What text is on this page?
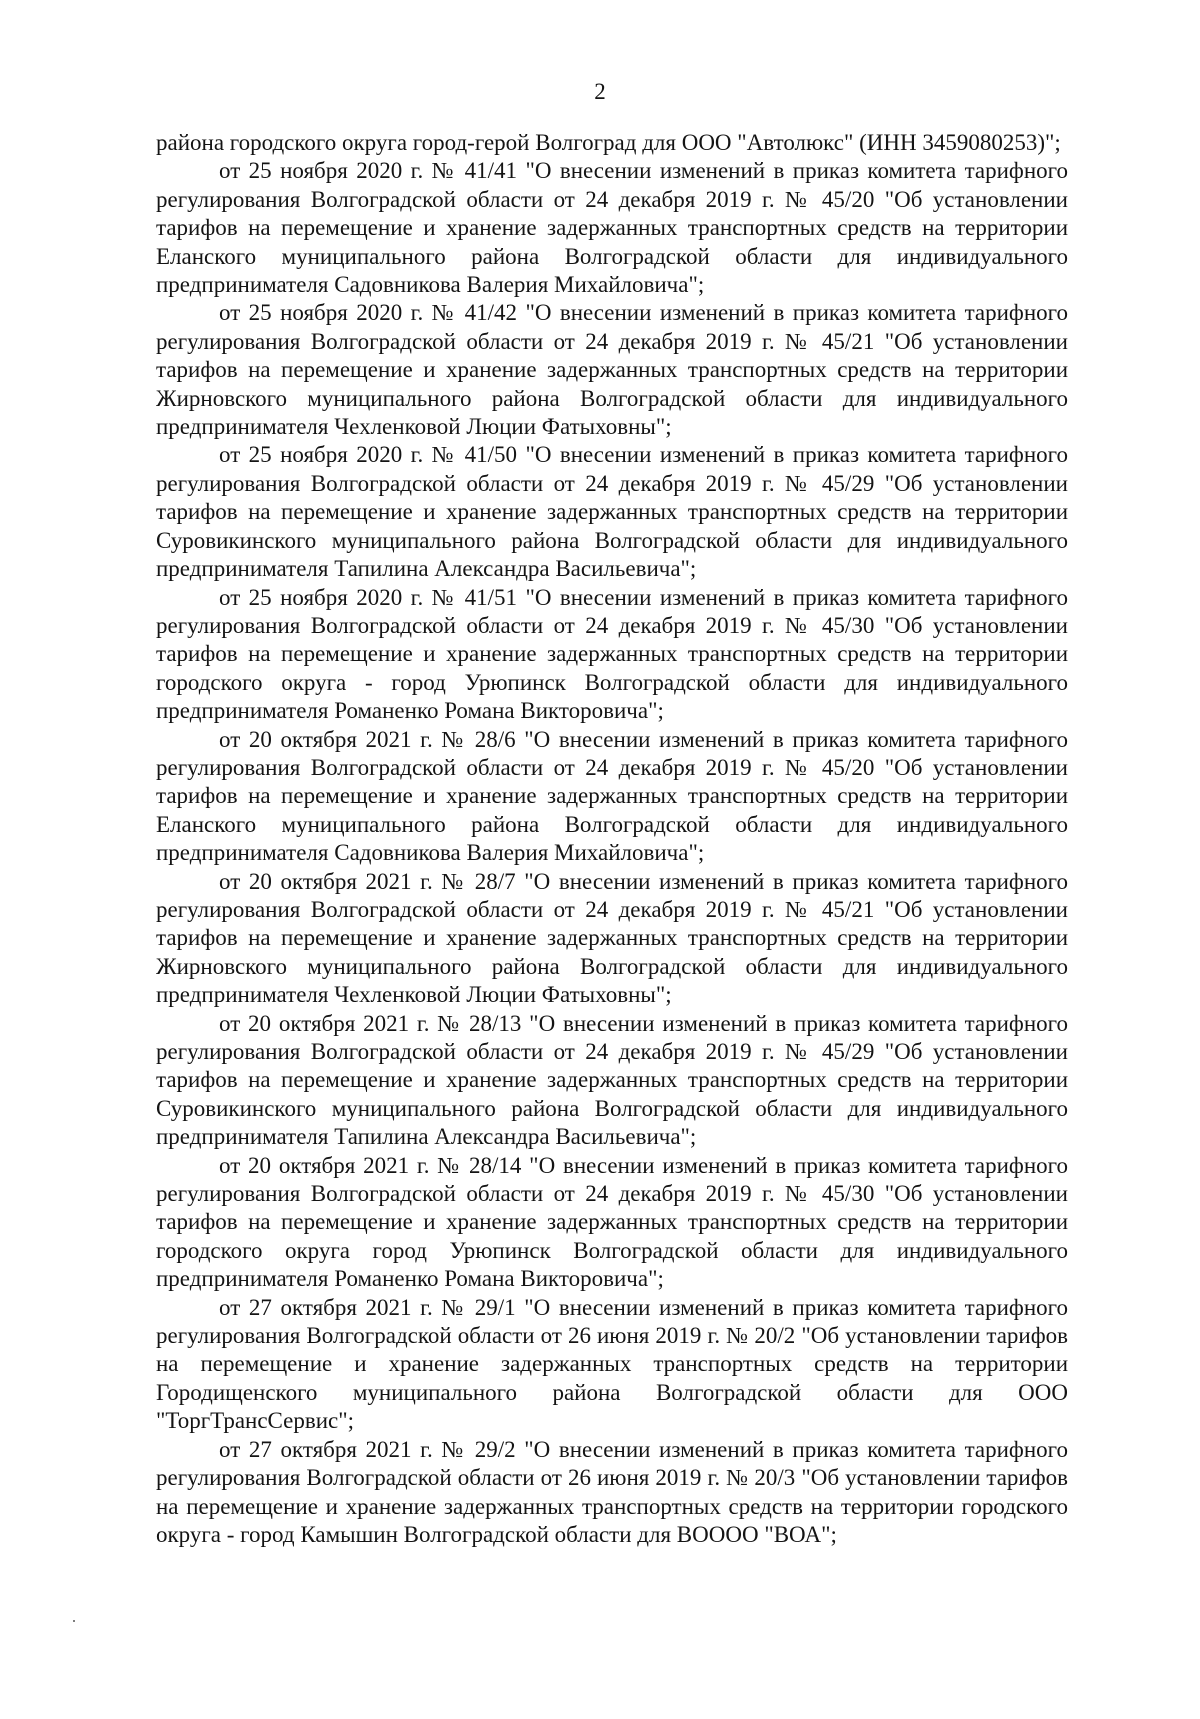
2

района городского округа город-герой Волгоград для ООО "Автолюкс" (ИНН 3459080253)";

от 25 ноября 2020 г. № 41/41 "О внесении изменений в приказ комитета тарифного регулирования Волгоградской области от 24 декабря 2019 г. № 45/20 "Об установлении тарифов на перемещение и хранение задержанных транспортных средств на территории Еланского муниципального района Волгоградской области для индивидуального предпринимателя Садовникова Валерия Михайловича";

от 25 ноября 2020 г. № 41/42 "О внесении изменений в приказ комитета тарифного регулирования Волгоградской области от 24 декабря 2019 г. № 45/21 "Об установлении тарифов на перемещение и хранение задержанных транспортных средств на территории Жирновского муниципального района Волгоградской области для индивидуального предпринимателя Чехленковой Люции Фатыховны";

от 25 ноября 2020 г. № 41/50 "О внесении изменений в приказ комитета тарифного регулирования Волгоградской области от 24 декабря 2019 г. № 45/29 "Об установлении тарифов на перемещение и хранение задержанных транспортных средств на территории Суровикинского муниципального района Волгоградской области для индивидуального предпринимателя Тапилина Александра Васильевича";

от 25 ноября 2020 г. № 41/51 "О внесении изменений в приказ комитета тарифного регулирования Волгоградской области от 24 декабря 2019 г. № 45/30 "Об установлении тарифов на перемещение и хранение задержанных транспортных средств на территории городского округа - город Урюпинск Волгоградской области для индивидуального предпринимателя Романенко Романа Викторовича";

от 20 октября 2021 г. № 28/6 "О внесении изменений в приказ комитета тарифного регулирования Волгоградской области от 24 декабря 2019 г. № 45/20 "Об установлении тарифов на перемещение и хранение задержанных транспортных средств на территории Еланского муниципального района Волгоградской области для индивидуального предпринимателя Садовникова Валерия Михайловича";

от 20 октября 2021 г. № 28/7 "О внесении изменений в приказ комитета тарифного регулирования Волгоградской области от 24 декабря 2019 г. № 45/21 "Об установлении тарифов на перемещение и хранение задержанных транспортных средств на территории Жирновского муниципального района Волгоградской области для индивидуального предпринимателя Чехленковой Люции Фатыховны";

от 20 октября 2021 г. № 28/13 "О внесении изменений в приказ комитета тарифного регулирования Волгоградской области от 24 декабря 2019 г. № 45/29 "Об установлении тарифов на перемещение и хранение задержанных транспортных средств на территории Суровикинского муниципального района Волгоградской области для индивидуального предпринимателя Тапилина Александра Васильевича";

от 20 октября 2021 г. № 28/14 "О внесении изменений в приказ комитета тарифного регулирования Волгоградской области от 24 декабря 2019 г. № 45/30 "Об установлении тарифов на перемещение и хранение задержанных транспортных средств на территории городского округа город Урюпинск Волгоградской области для индивидуального предпринимателя Романенко Романа Викторовича";

от 27 октября 2021 г. № 29/1 "О внесении изменений в приказ комитета тарифного регулирования Волгоградской области от 26 июня 2019 г. № 20/2 "Об установлении тарифов на перемещение и хранение задержанных транспортных средств на территории Городищенского муниципального района Волгоградской области для ООО "ТоргТрансСервис";

от 27 октября 2021 г. № 29/2 "О внесении изменений в приказ комитета тарифного регулирования Волгоградской области от 26 июня 2019 г. № 20/3 "Об установлении тарифов на перемещение и хранение задержанных транспортных средств на территории городского округа - город Камышин Волгоградской области для ВОООО "ВОА";
